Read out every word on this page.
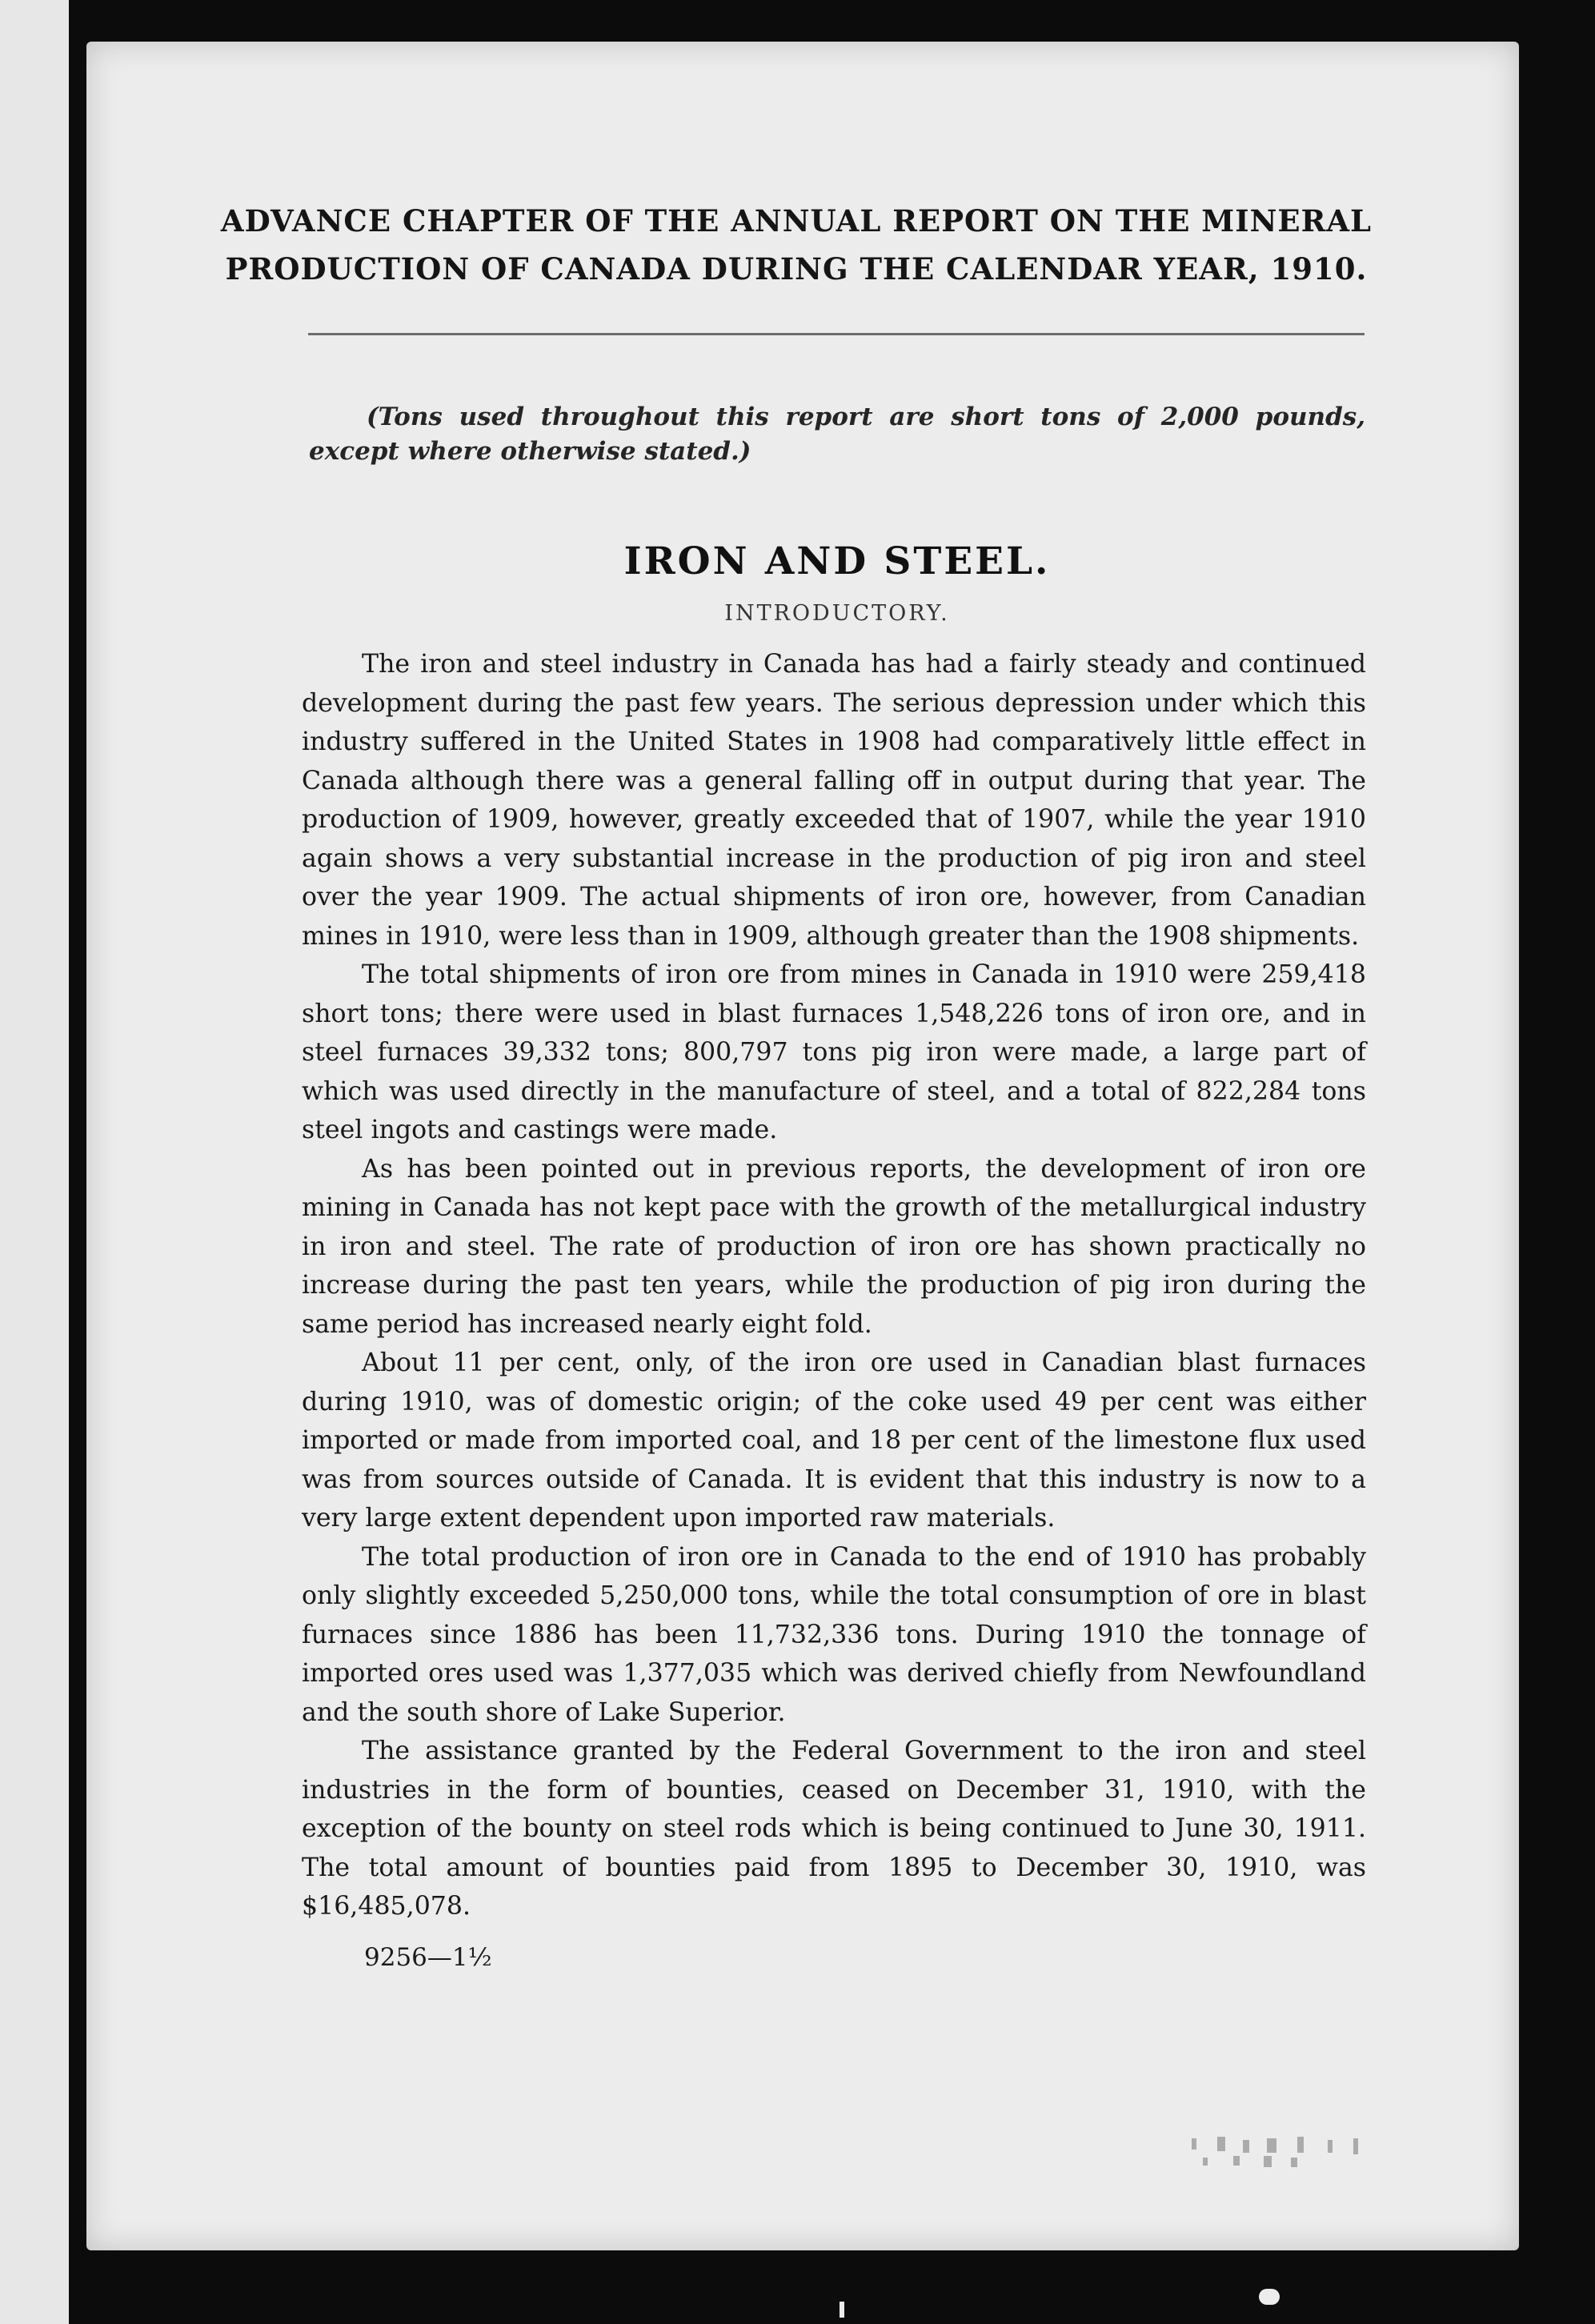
ADVANCE CHAPTER OF THE ANNUAL REPORT ON THE MINERAL
PRODUCTION OF CANADA DURING THE CALENDAR YEAR, 1910.
(Tons used throughout this report are short tons of 2,000 pounds, except where otherwise stated.)
IRON AND STEEL.
INTRODUCTORY.

The iron and steel industry in Canada has had a fairly steady and continued development during the past few years. The serious depression under which this industry suffered in the United States in 1908 had comparatively little effect in Canada although there was a general falling off in output during that year. The production of 1909, however, greatly exceeded that of 1907, while the year 1910 again shows a very substantial increase in the production of pig iron and steel over the year 1909. The actual shipments of iron ore, however, from Canadian mines in 1910, were less than in 1909, although greater than the 1908 shipments.

The total shipments of iron ore from mines in Canada in 1910 were 259,418 short tons; there were used in blast furnaces 1,548,226 tons of iron ore, and in steel furnaces 39,332 tons; 800,797 tons pig iron were made, a large part of which was used directly in the manufacture of steel, and a total of 822,284 tons steel ingots and castings were made.

As has been pointed out in previous reports, the development of iron ore mining in Canada has not kept pace with the growth of the metallurgical industry in iron and steel. The rate of production of iron ore has shown practically no increase during the past ten years, while the production of pig iron during the same period has increased nearly eight fold.

About 11 per cent, only, of the iron ore used in Canadian blast furnaces during 1910, was of domestic origin; of the coke used 49 per cent was either imported or made from imported coal, and 18 per cent of the limestone flux used was from sources outside of Canada. It is evident that this industry is now to a very large extent dependent upon imported raw materials.

The total production of iron ore in Canada to the end of 1910 has probably only slightly exceeded 5,250,000 tons, while the total consumption of ore in blast furnaces since 1886 has been 11,732,336 tons. During 1910 the tonnage of imported ores used was 1,377,035 which was derived chiefly from Newfoundland and the south shore of Lake Superior.

The assistance granted by the Federal Government to the iron and steel industries in the form of bounties, ceased on December 31, 1910, with the exception of the bounty on steel rods which is being continued to June 30, 1911. The total amount of bounties paid from 1895 to December 30, 1910, was $16,485,078.

9256—1½
